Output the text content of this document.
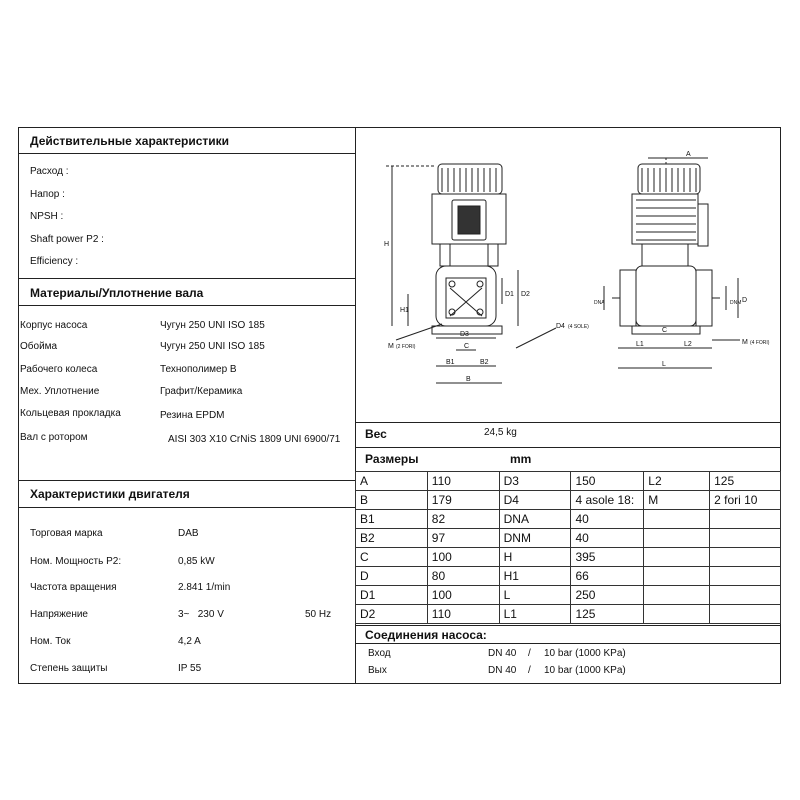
Действительные характеристики
Расход :
Напор :
NPSH :
Shaft power P2 :
Efficiency :
Материалы/Уплотнение вала
Корпус насоса	Чугун 250 UNI ISO 185
Обойма	Чугун 250 UNI ISO 185
Рабочего колеса	Технополимер В
Мех. Уплотнение	Графит/Керамика
Кольцевая прокладка	Резина EPDM
Вал с ротором	AISI 303 X10 CrNiS 1809 UNI 6900/71
Характеристики двигателя
Торговая марка	DAB
Ном. Мощность P2:	0,85 kW
Частота вращения	2.841 1/min
Напряжение	3~   230 V	50 Hz
Ном. Ток	4,2 A
Степень защиты	IP 55
H
H1
D1 D2
D3
C
B1	B2
B
D4 (4 SOLE)
M (2 FORI)
A
DNA	DNM D
L1	L2
C
L
M (4 FORI)
Вес	24,5 kg
Размеры	mm
A	110	D3	150	L2	125
B	179	D4	4 asole 18:	M	2 fori 10
B1	82	DNA	40		
B2	97	DNM	40		
C	100	H	395		
D	80	H1	66		
D1	100	L	250		
D2	110	L1	125		
Соединения насоса:
Вход	DN 40 / 10 bar (1000 KPa)
Вых	DN 40 / 10 bar (1000 KPa)
